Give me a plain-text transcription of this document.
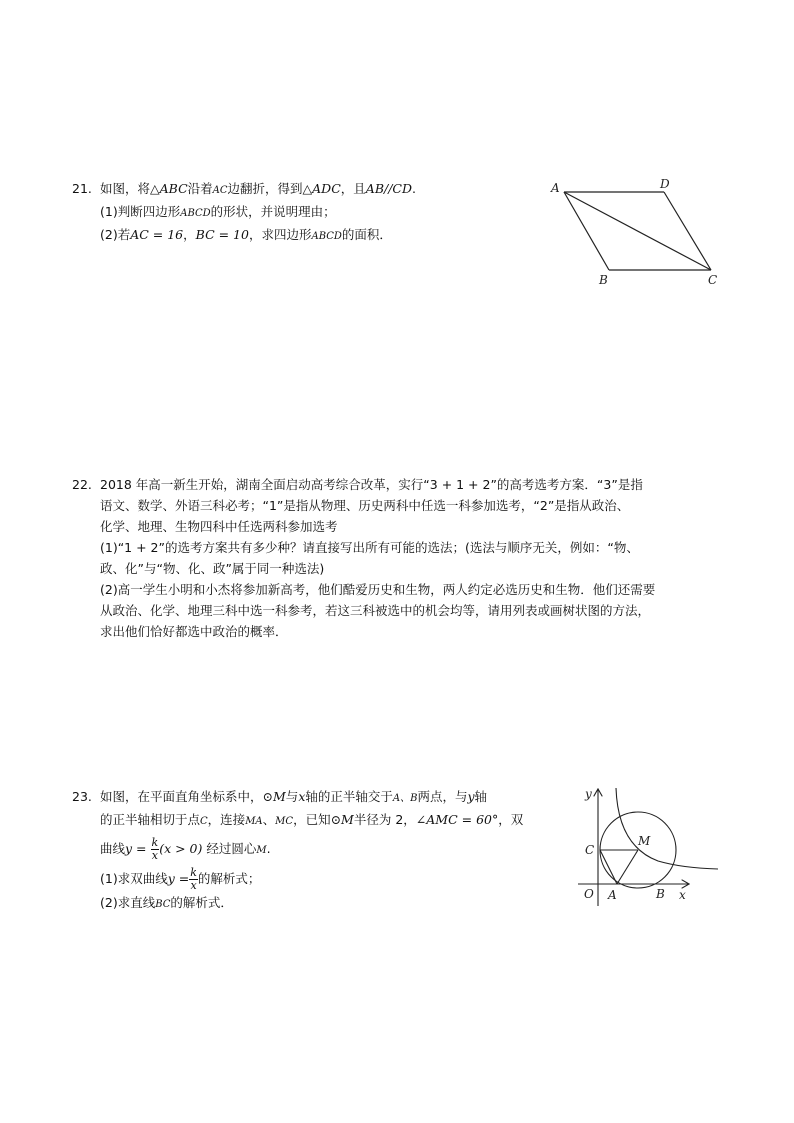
21. 如图，将△ABC沿着AC边翻折，得到△ADC，且AB//CD.
(1)判断四边形ABCD的形状，并说明理由；
(2)若AC = 16，BC = 10，求四边形ABCD的面积．
A	D
B	C
22. 2018 年高一新生开始，湖南全面启动高考综合改革，实行“3 + 1 + 2”的高考选考方案．“3”是指
语文、数学、外语三科必考；“1”是指从物理、历史两科中任选一科参加选考，“2”是指从政治、
化学、地理、生物四科中任选两科参加选考
(1)“1 + 2”的选考方案共有多少种？请直接写出所有可能的选法；(选法与顺序无关，例如：“物、
政、化”与“物、化、政”属于同一种选法)
(2)高一学生小明和小杰将参加新高考，他们酷爱历史和生物，两人约定必选历史和生物．他们还需要
从政治、化学、地理三科中选一科参考，若这三科被选中的机会均等，请用列表或画树状图的方法，
求出他们恰好都选中政治的概率．
23. 如图，在平面直角坐标系中，⊙M与x轴的正半轴交于A、B两点，与y轴
的正半轴相切于点C，连接MA、MC，已知⊙M半径为 2，∠AMC = 60°，双
曲线$y = \frac{k}{x} (x > 0)$ 经过圆心M.
(1)求双曲线$y = \frac{k}{x}$ 的解析式；
(2)求直线BC的解析式．
y
x
O A	B
C
M
